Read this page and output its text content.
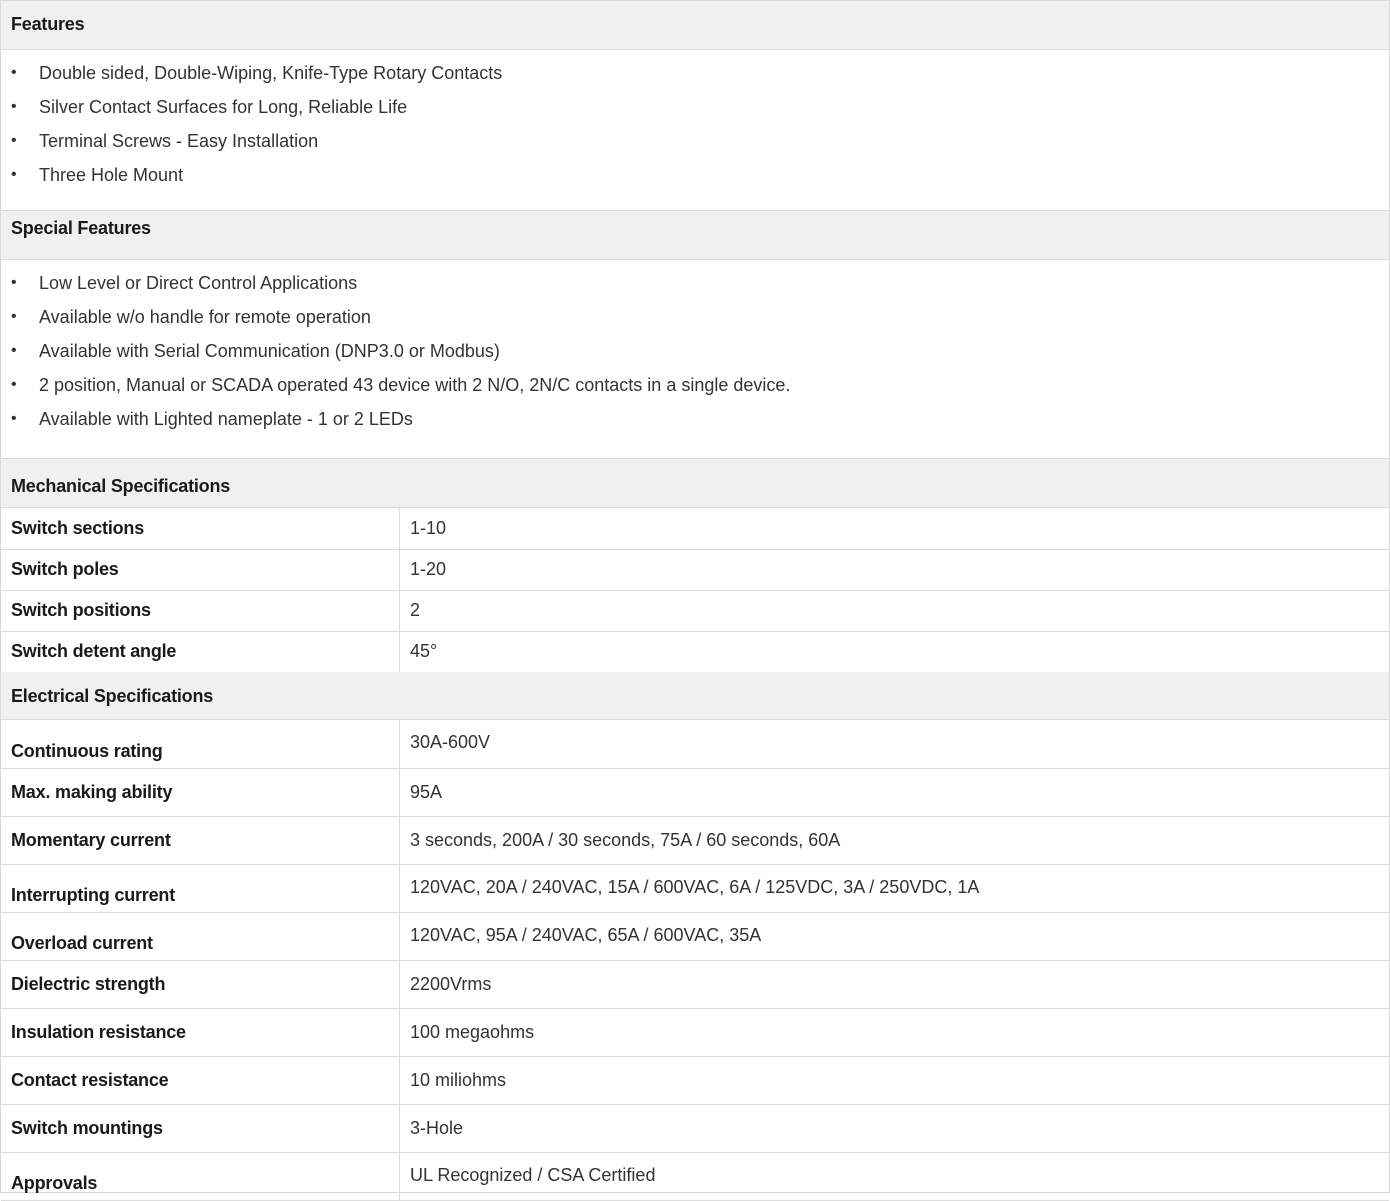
Features
• Double sided, Double-Wiping, Knife-Type Rotary Contacts
• Silver Contact Surfaces for Long, Reliable Life
• Terminal Screws - Easy Installation
• Three Hole Mount
Special Features
• Low Level or Direct Control Applications
• Available w/o handle for remote operation
• Available with Serial Communication (DNP3.0 or Modbus)
• 2 position, Manual or SCADA operated 43 device with 2 N/O, 2N/C contacts in a single device.
• Available with Lighted nameplate - 1 or 2 LEDs
Mechanical Specifications
Switch sections	1-10
Switch poles	1-20
Switch positions	2
Switch detent angle	45°
Electrical Specifications
Continuous rating	30A-600V
Max. making ability	95A
Momentary current	3 seconds, 200A / 30 seconds, 75A / 60 seconds, 60A
Interrupting current	120VAC, 20A / 240VAC, 15A / 600VAC, 6A / 125VDC, 3A / 250VDC, 1A
Overload current	120VAC, 95A / 240VAC, 65A / 600VAC, 35A
Dielectric strength	2200Vrms
Insulation resistance	100 megaohms
Contact resistance	10 miliohms
Switch mountings	3-Hole
Approvals	UL Recognized / CSA Certified
